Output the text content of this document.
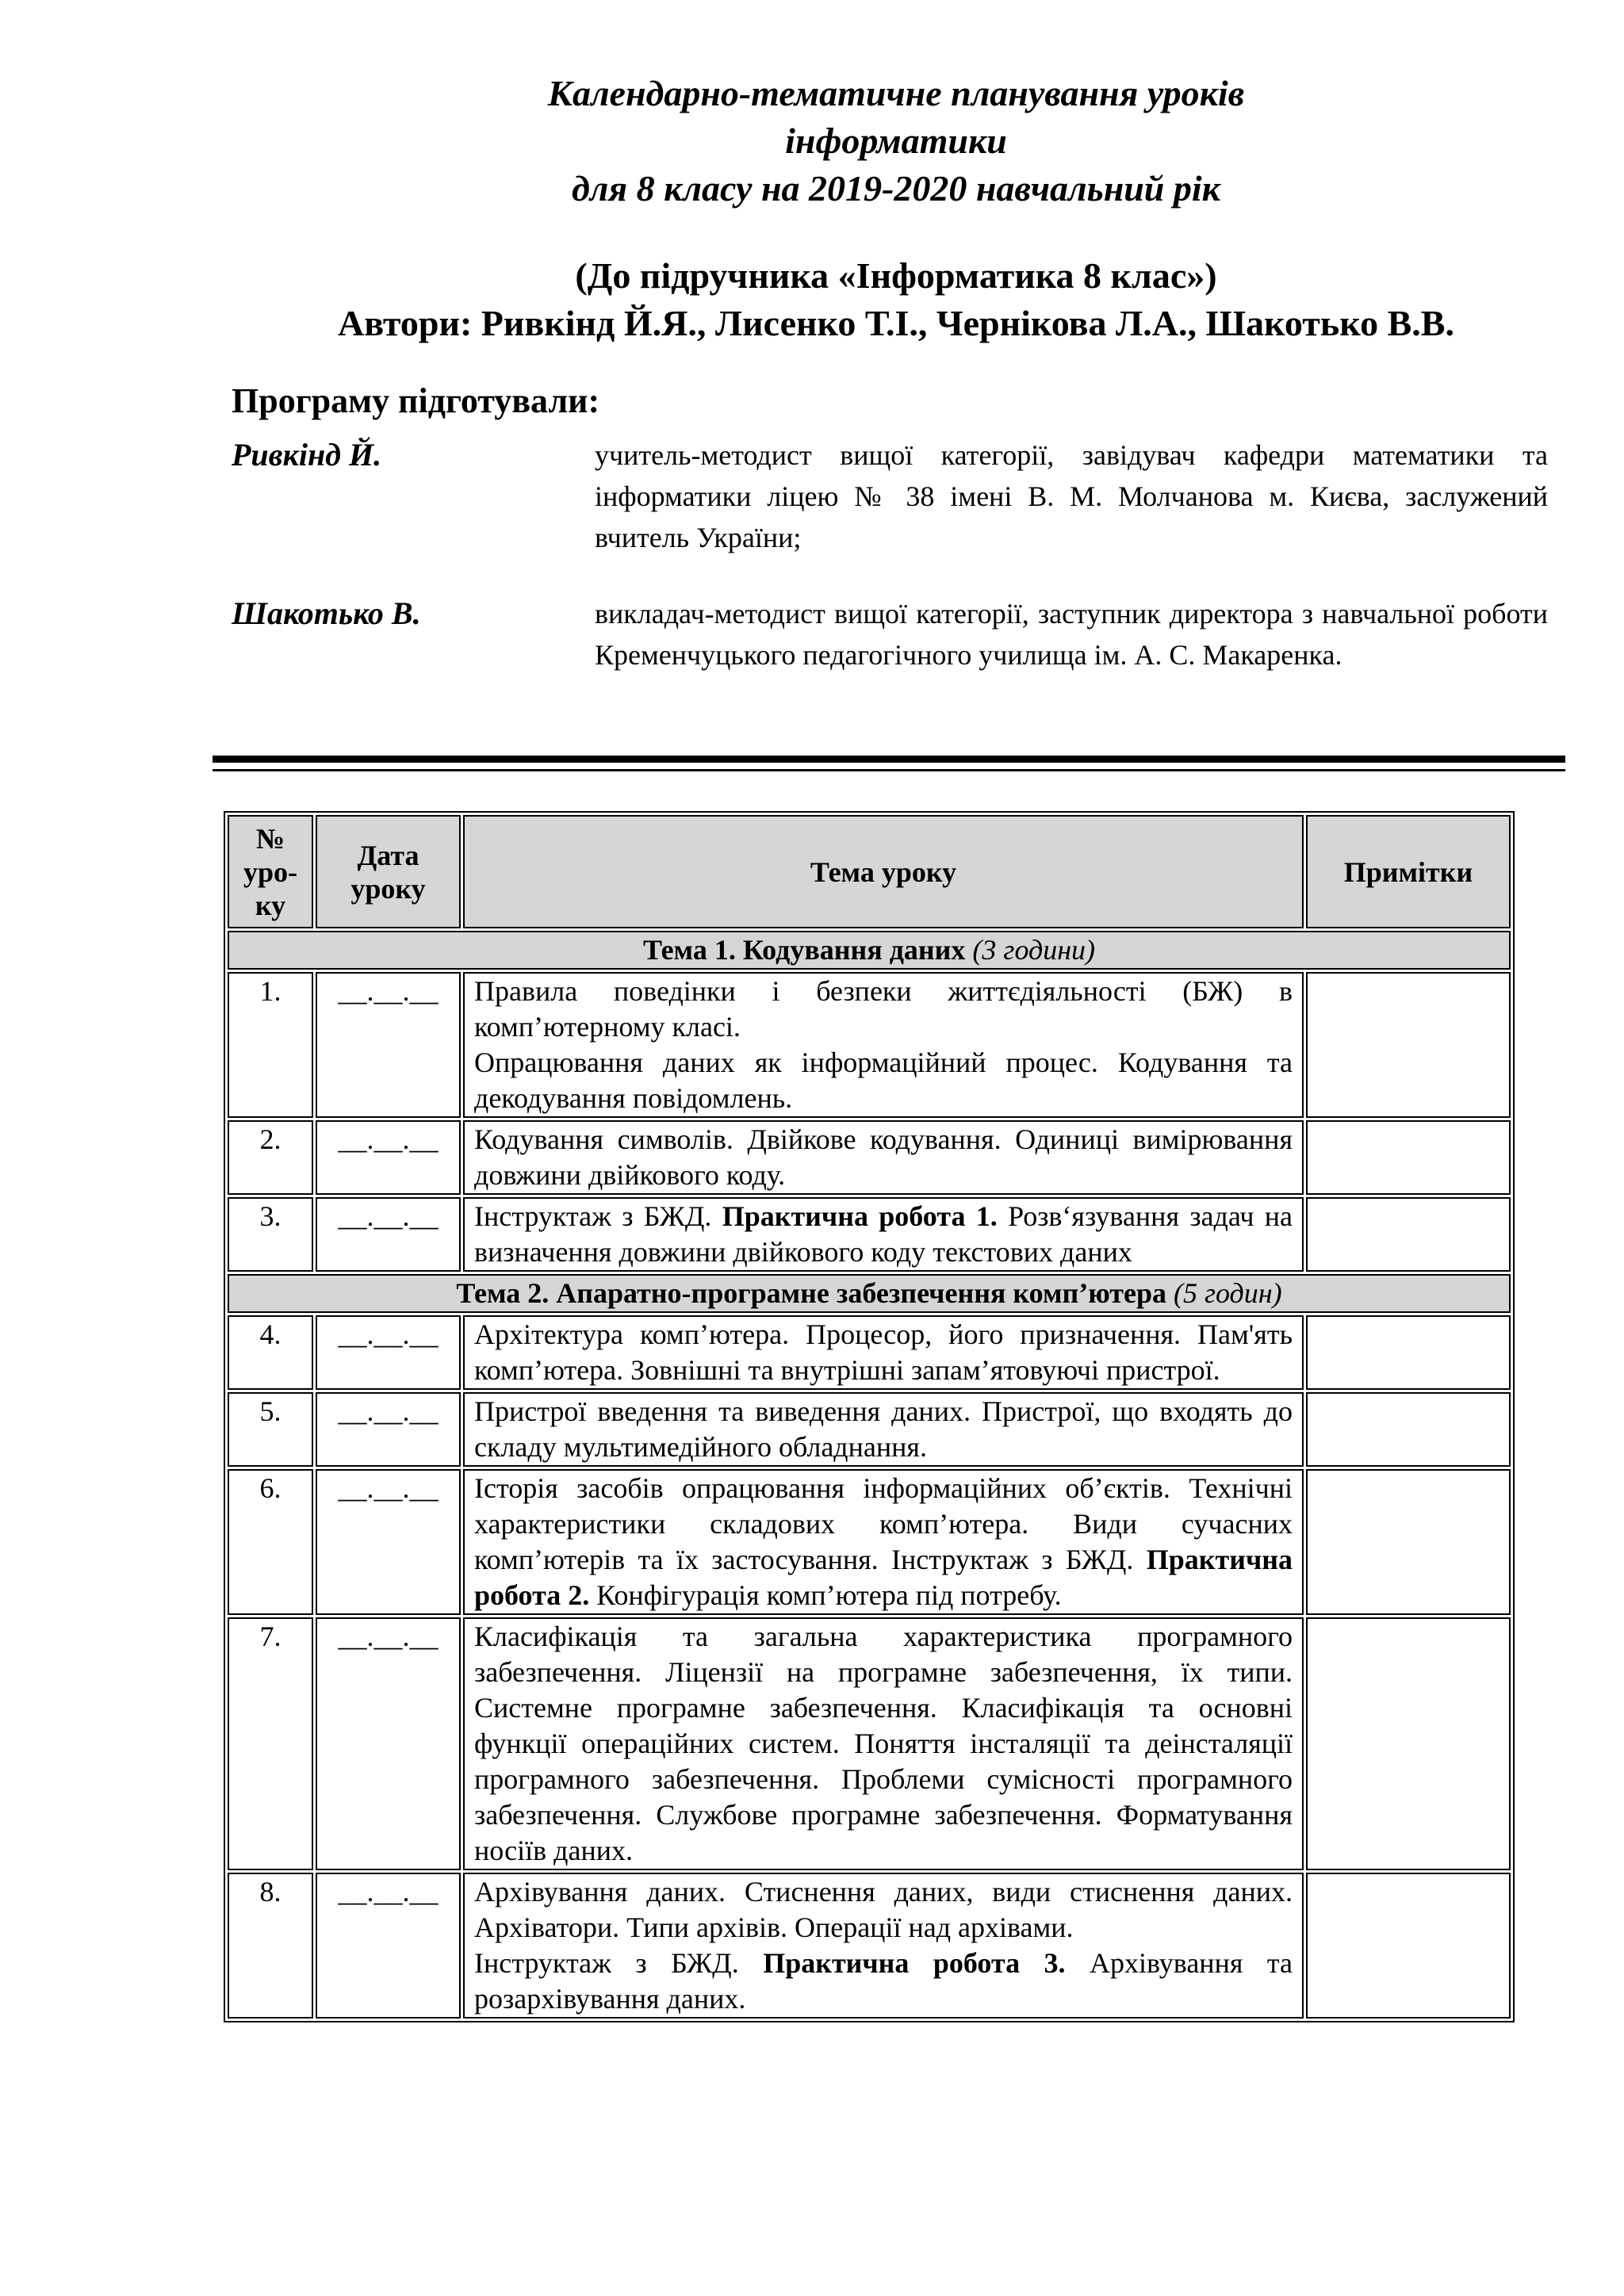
Календарно-тематичне планування уроків
інформатики
для 8 класу на 2019-2020 навчальний рік
(До підручника «Інформатика 8 клас»)
Автори: Ривкінд Й.Я., Лисенко Т.І., Чернікова Л.А., Шакотько В.В.
Програму підготували:
Ривкінд Й.	учитель-методист вищої категорії, завідувач кафедри математики та інформатики ліцею № 38 імені В. М. Молчанова м. Києва, заслужений вчитель України;
Шакотько В.	викладач-методист вищої категорії, заступник директора з навчальної роботи Кременчуцького педагогічного училища ім. А. С. Макаренка.
№ уро-ку	Дата уроку	Тема уроку	Примітки
Тема 1. Кодування даних (3 години)			
1.	__.__.__	Правила поведінки і безпеки життєдіяльності (БЖ) в комп’ютерному класі.

Опрацювання даних як інформаційний процес. Кодування та декодування повідомлень.	

2.	__.__.__	Кодування символів. Двійкове кодування. Одиниці вимірювання довжини двійкового коду.	
3.	__.__.__	Інструктаж з БЖД. Практична робота 1. Розв‘язування задач на визначення довжини двійкового коду текстових даних	
Тема 2. Апаратно-програмне забезпечення комп’ютера (5 годин)			
4.	__.__.__	Архітектура комп’ютера. Процесор, його призначення. Пам'ять комп’ютера. Зовнішні та внутрішні запам’ятовуючі пристрої.	
5.	__.__.__	Пристрої введення та виведення даних. Пристрої, що входять до складу мультимедійного обладнання.	
6.	__.__.__	Історія засобів опрацювання інформаційних об’єктів. Технічні характеристики складових комп’ютера. Види сучасних комп’ютерів та їх застосування. Інструктаж з БЖД. Практична робота 2. Конфігурація комп’ютера під потребу.	
7.	__.__.__	Класифікація та загальна характеристика програмного забезпечення. Ліцензії на програмне забезпечення, їх типи. Системне програмне забезпечення. Класифікація та основні функції операційних систем. Поняття інсталяції та деінсталяції програмного забезпечення. Проблеми сумісності програмного забезпечення. Службове програмне забезпечення. Форматування носіїв даних.	
8.	__.__.__	Архівування даних. Стиснення даних, види стиснення даних. Архіватори. Типи архівів. Операції над архівами.

Інструктаж з БЖД. Практична робота 3. Архівування та розархівування даних.	
